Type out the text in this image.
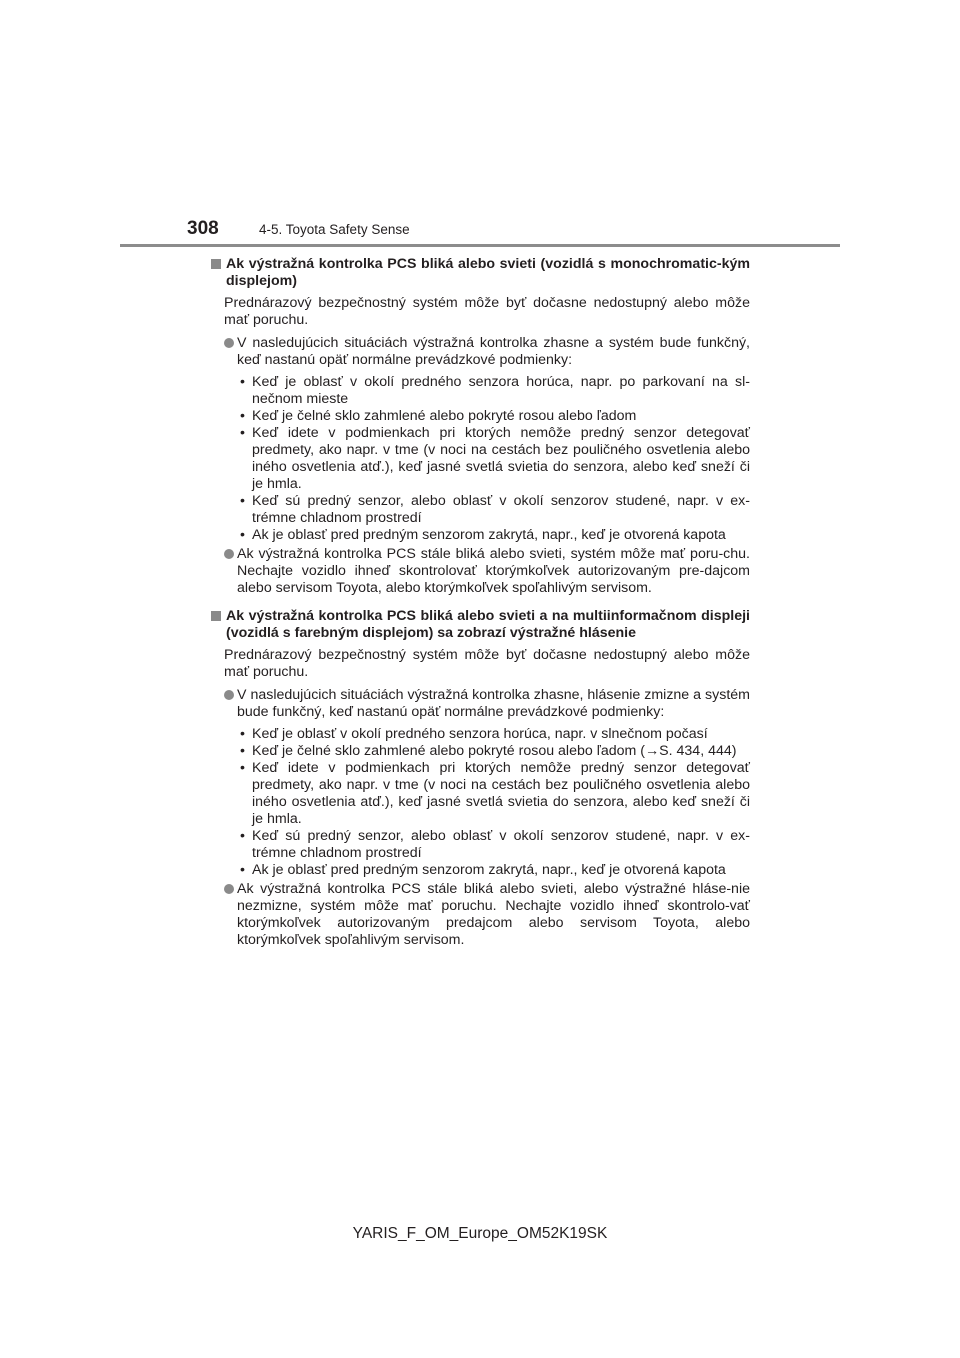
308	4-5. Toyota Safety Sense
Ak výstražná kontrolka PCS bliká alebo svieti (vozidlá s monochromatic-kým displejom)
Prednárazový bezpečnostný systém môže byť dočasne nedostupný alebo môže mať poruchu.
V nasledujúcich situáciách výstražná kontrolka zhasne a systém bude funkčný, keď nastanú opäť normálne prevádzkové podmienky:
• Keď je oblasť v okolí predného senzora horúca, napr. po parkovaní na sl-nečnom mieste
• Keď je čelné sklo zahmlené alebo pokryté rosou alebo ľadom
• Keď idete v podmienkach pri ktorých nemôže predný senzor detegovať predmety, ako napr. v tme (v noci na cestách bez pouličného osvetlenia alebo iného osvetlenia atď.), keď jasné svetlá svietia do senzora, alebo keď sneží či je hmla.
• Keď sú predný senzor, alebo oblasť v okolí senzorov studené, napr. v ex-trémne chladnom prostredí
• Ak je oblasť pred predným senzorom zakrytá, napr., keď je otvorená kapota
Ak výstražná kontrolka PCS stále bliká alebo svieti, systém môže mať poru-chu. Nechajte vozidlo ihneď skontrolovať ktorýmkoľvek autorizovaným pre-dajcom alebo servisom Toyota, alebo ktorýmkoľvek spoľahlivým servisom.
Ak výstražná kontrolka PCS bliká alebo svieti a na multiinformačnom displeji (vozidlá s farebným displejom) sa zobrazí výstražné hlásenie
Prednárazový bezpečnostný systém môže byť dočasne nedostupný alebo môže mať poruchu.
V nasledujúcich situáciách výstražná kontrolka zhasne, hlásenie zmizne a systém bude funkčný, keď nastanú opäť normálne prevádzkové podmienky:
• Keď je oblasť v okolí predného senzora horúca, napr. v slnečnom počasí
• Keď je čelné sklo zahmlené alebo pokryté rosou alebo ľadom (→S. 434, 444)
• Keď idete v podmienkach pri ktorých nemôže predný senzor detegovať predmety, ako napr. v tme (v noci na cestách bez pouličného osvetlenia alebo iného osvetlenia atď.), keď jasné svetlá svietia do senzora, alebo keď sneží či je hmla.
• Keď sú predný senzor, alebo oblasť v okolí senzorov studené, napr. v ex-trémne chladnom prostredí
• Ak je oblasť pred predným senzorom zakrytá, napr., keď je otvorená kapota
Ak výstražná kontrolka PCS stále bliká alebo svieti, alebo výstražné hláse-nie nezmizne, systém môže mať poruchu. Nechajte vozidlo ihneď skontrolo-vať ktorýmkoľvek autorizovaným predajcom alebo servisom Toyota, alebo ktorýmkoľvek spoľahlivým servisom.
YARIS_F_OM_Europe_OM52K19SK
